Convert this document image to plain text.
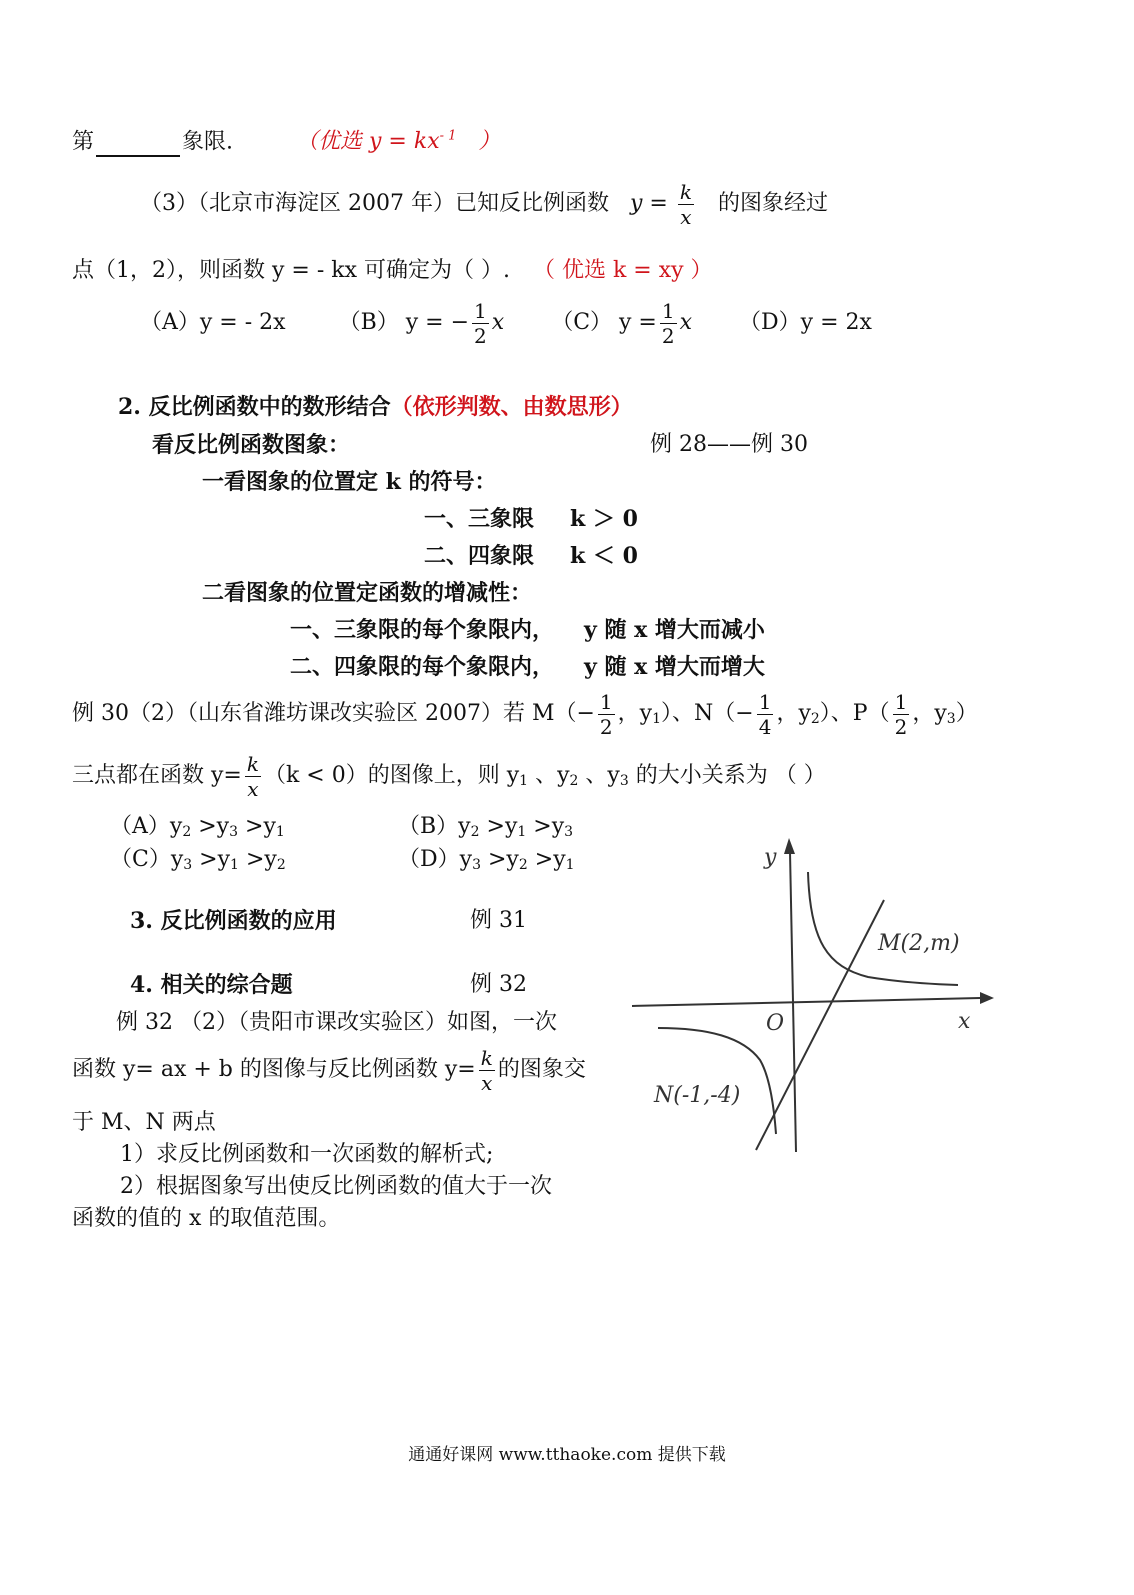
第	象限.	（优选 $y = kx^{- 1}$ ）
（3）（北京市海淀区 2007 年）已知反比例函数 $y = \frac{k}{x}$ 的图象经过
点（1，2），则函数 y = - kx 可确定为（ ）. （ 优选 k = xy ）
（A）y = - 2x （B） y = − $\frac{1}{2}$ x （C） $y = \frac{1}{2}$ x （D）y = 2x
2. 反比例函数中的数形结合（依形判数、由数思形）
看反比例函数图象：	例 28——例 30
一看图象的位置定 k 的符号：
一、三象限 k ＞ 0
二、四象限 k ＜ 0
二看图象的位置定函数的增减性：
一、三象限的每个象限内， y 随 x 增大而减小
二、四象限的每个象限内， y 随 x 增大而增大
例 30（2）（山东省潍坊课改实验区 2007）若 $M(- \frac{1}{2}$ ，$y_1$）、$N(- \frac{1}{4}$ ，$y_2$）、$P( \frac{1}{2}$ ，$y_3$）
三点都在函数 $y= \frac{k}{x} (k < 0)$的图像上，则 $y_1$ 、$y_2$ 、$y_3$ 的大小关系为 （ ）
$(A)y_2 >y_3 >y_1$	$(B)y_2 >y_1 >y_3$
$(C)y_3 >y_1 >y_2$	$(D)y_3 >y_2 >y_1$
3. 反比例函数的应用	例 31
4. 相关的综合题	例 32
例 32 （2）（贵阳市课改实验区）如图，一次
函数 y= ax + b 的图像与反比例函数 $y= \frac{k}{x}$ 的图象交
于 M、N 两点
1）求反比例函数和一次函数的解析式;
2）根据图象写出使反比例函数的值大于一次
函数的值的 x 的取值范围。
y
x
O
M(2,m)
N(-1,-4)
通通好课网 www.tthaoke.com 提供下载
